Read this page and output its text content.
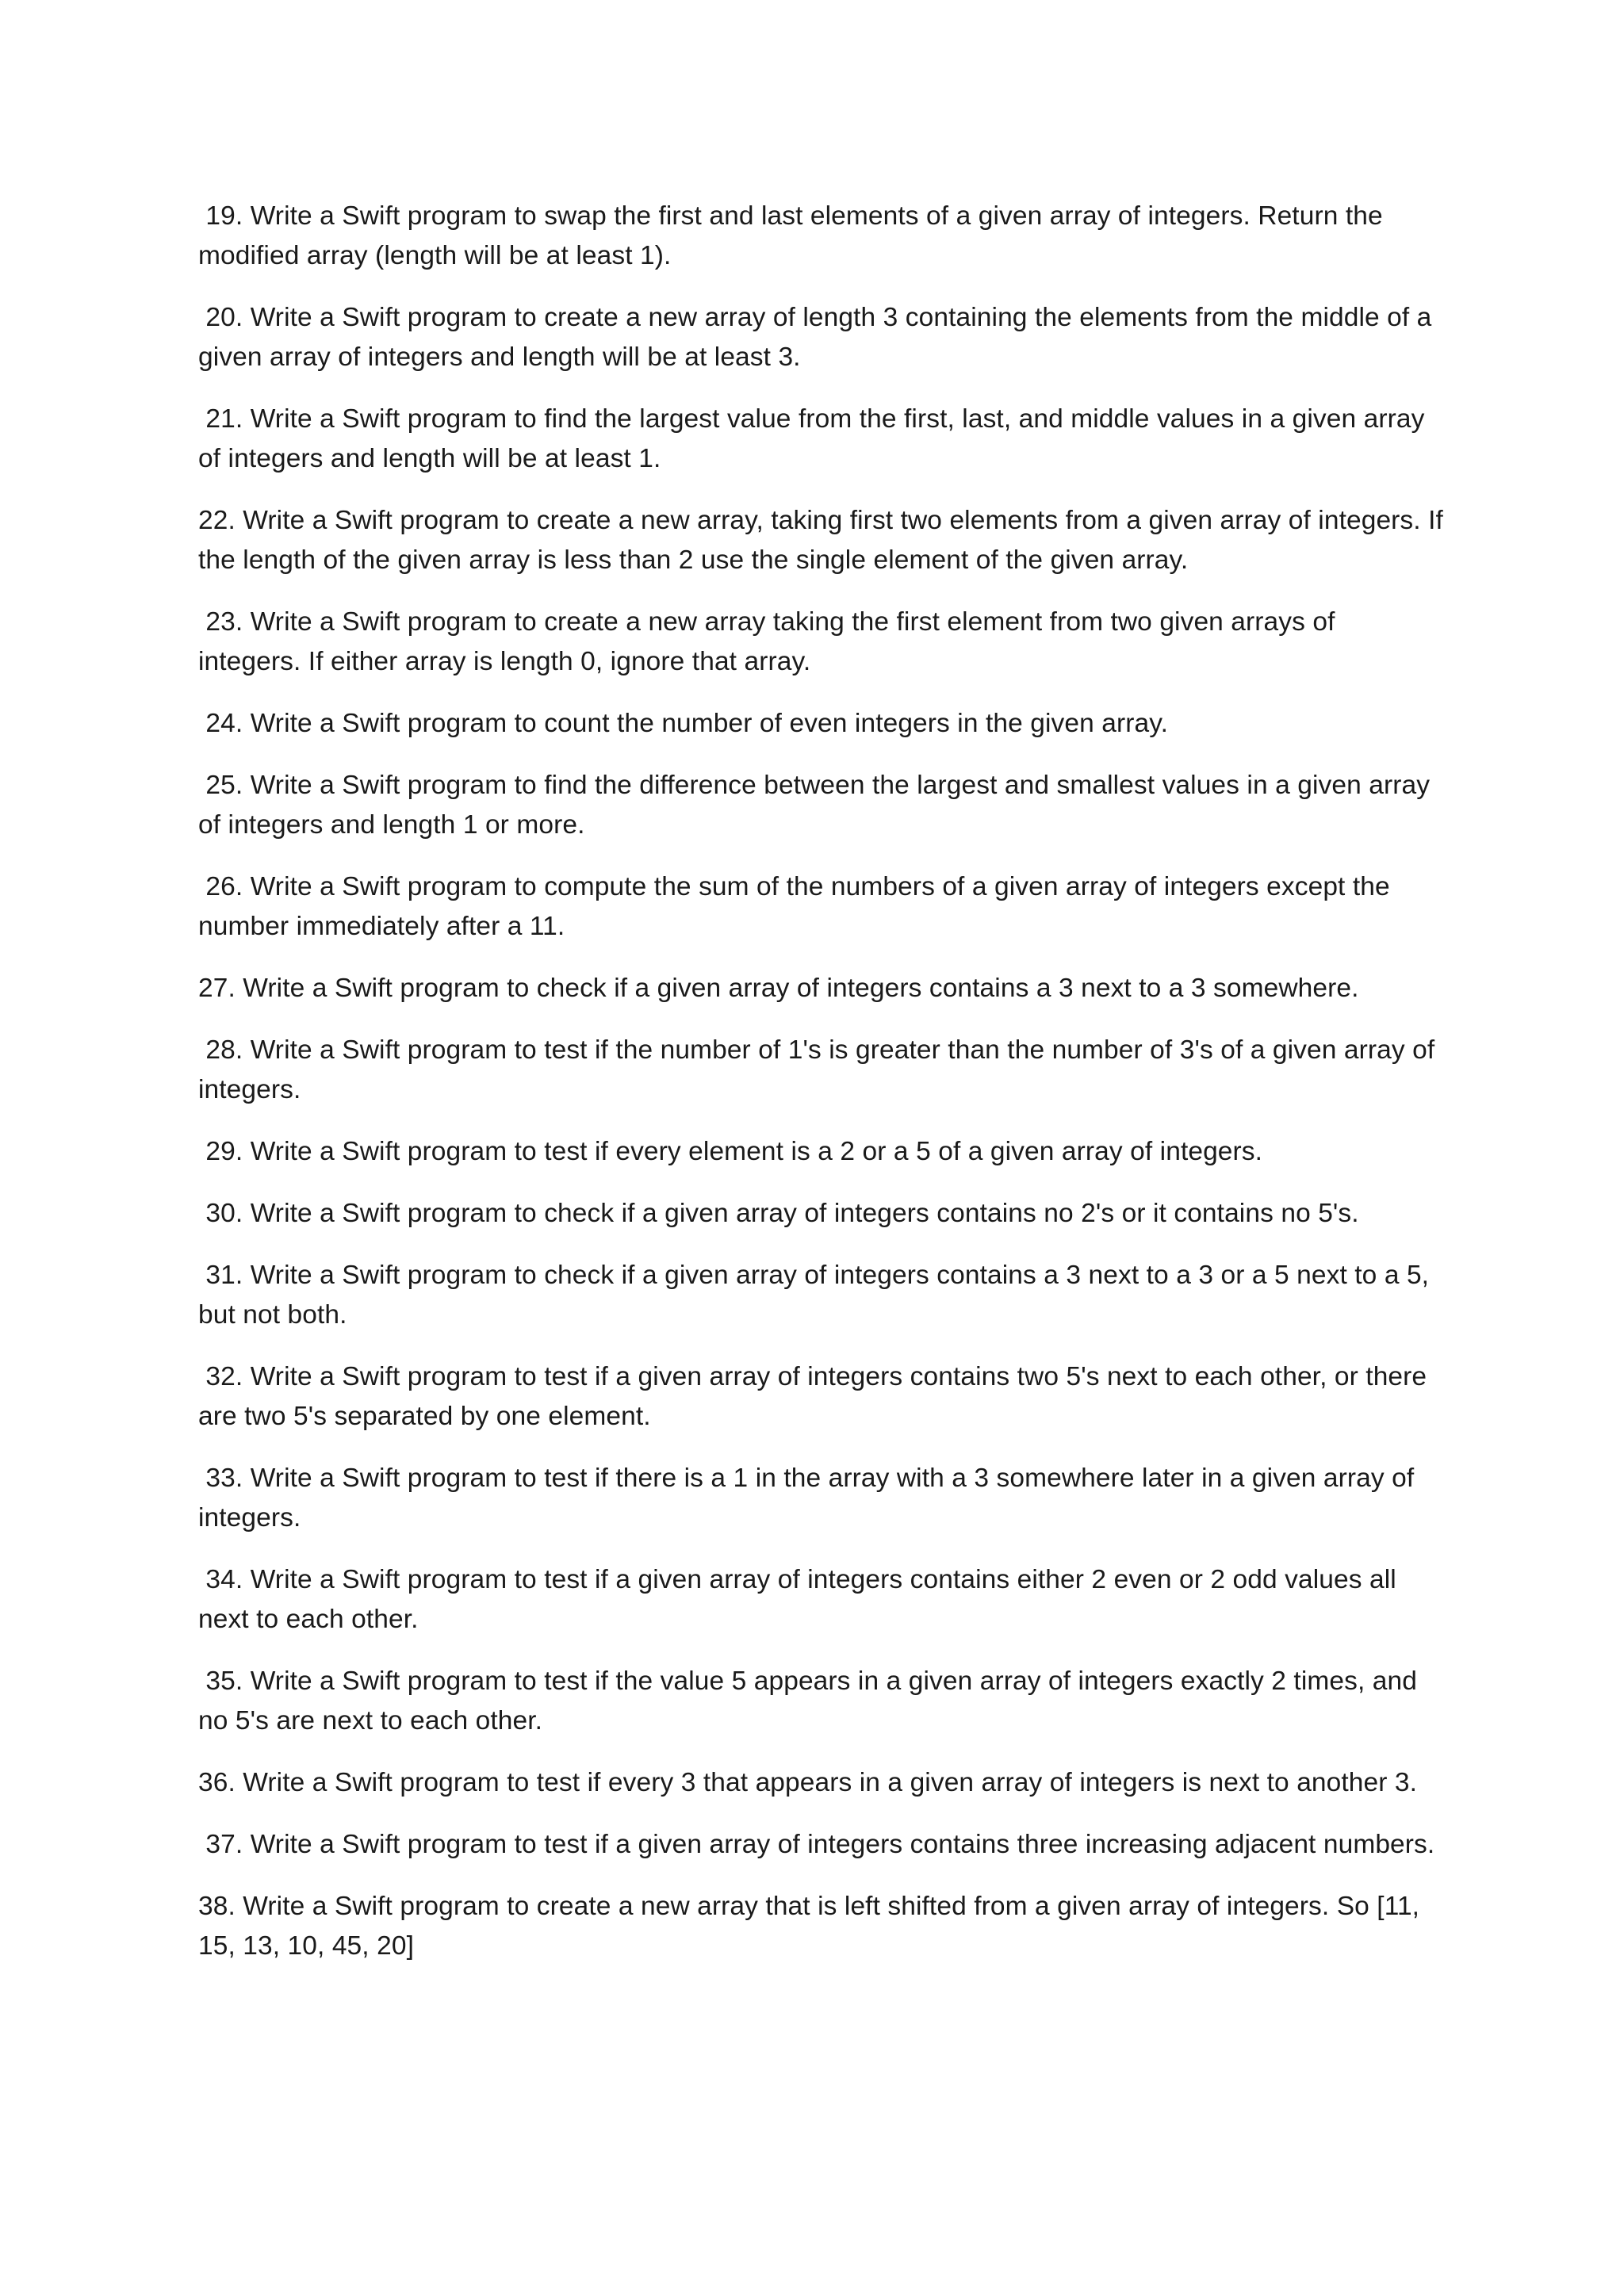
19. Write a Swift program to swap the first and last elements of a given array of integers. Return the modified array (length will be at least 1).

20. Write a Swift program to create a new array of length 3 containing the elements from the middle of a given array of integers and length will be at least 3.

21. Write a Swift program to find the largest value from the first, last, and middle values in a given array of integers and length will be at least 1.

22. Write a Swift program to create a new array, taking first two elements from a given array of integers. If the length of the given array is less than 2 use the single element of the given array.

23. Write a Swift program to create a new array taking the first element from two given arrays of integers. If either array is length 0, ignore that array.

24. Write a Swift program to count the number of even integers in the given array.

25. Write a Swift program to find the difference between the largest and smallest values in a given array of integers and length 1 or more.

26. Write a Swift program to compute the sum of the numbers of a given array of integers except the number immediately after a 11.

27. Write a Swift program to check if a given array of integers contains a 3 next to a 3 somewhere.

28. Write a Swift program to test if the number of 1's is greater than the number of 3's of a given array of integers.

29. Write a Swift program to test if every element is a 2 or a 5 of a given array of integers.

30. Write a Swift program to check if a given array of integers contains no 2's or it contains no 5's.

31. Write a Swift program to check if a given array of integers contains a 3 next to a 3 or a 5 next to a 5, but not both.

32. Write a Swift program to test if a given array of integers contains two 5's next to each other, or there are two 5's separated by one element.

33. Write a Swift program to test if there is a 1 in the array with a 3 somewhere later in a given array of integers.

34. Write a Swift program to test if a given array of integers contains either 2 even or 2 odd values all next to each other.

35. Write a Swift program to test if the value 5 appears in a given array of integers exactly 2 times, and no 5's are next to each other.

36. Write a Swift program to test if every 3 that appears in a given array of integers is next to another 3.

37. Write a Swift program to test if a given array of integers contains three increasing adjacent numbers.

38. Write a Swift program to create a new array that is left shifted from a given array of integers. So [11, 15, 13, 10, 45, 20]
